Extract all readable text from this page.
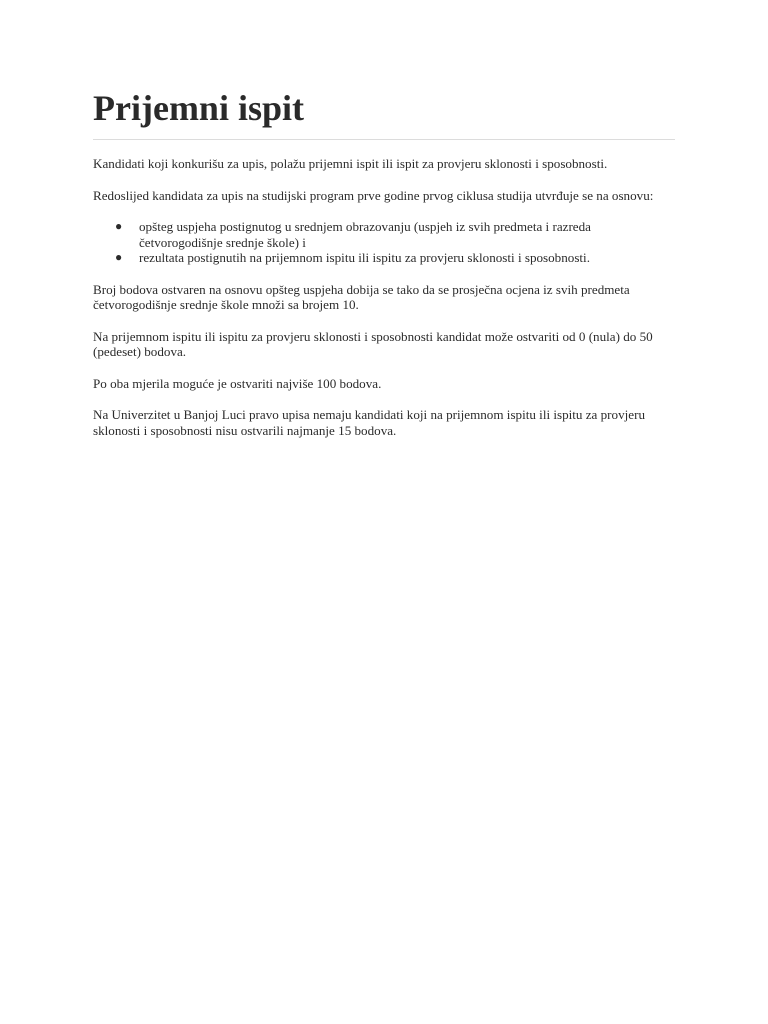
Prijemni ispit

Kandidati koji konkurišu za upis, polažu prijemni ispit ili ispit za provjeru sklonosti i sposobnosti.

Redoslijed kandidata za upis na studijski program prve godine prvog ciklusa studija utvrđuje se na osnovu:

● opšteg uspjeha postignutog u srednjem obrazovanju (uspjeh iz svih predmeta i razreda četvorogodišnje srednje škole) i
● rezultata postignutih na prijemnom ispitu ili ispitu za provjeru sklonosti i sposobnosti.

Broj bodova ostvaren na osnovu opšteg uspjeha dobija se tako da se prosječna ocjena iz svih predmeta četvorogodišnje srednje škole množi sa brojem 10.

Na prijemnom ispitu ili ispitu za provjeru sklonosti i sposobnosti kandidat može ostvariti od 0 (nula) do 50 (pedeset) bodova.

Po oba mjerila moguće je ostvariti najviše 100 bodova.

Na Univerzitet u Banjoj Luci pravo upisa nemaju kandidati koji na prijemnom ispitu ili ispitu za provjeru sklonosti i sposobnosti nisu ostvarili najmanje 15 bodova.
